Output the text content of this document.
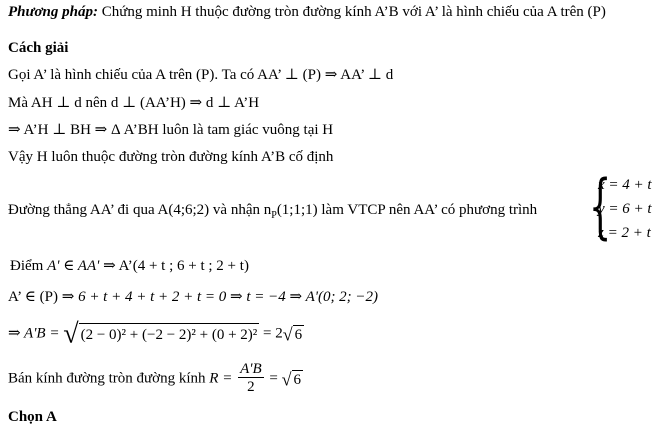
Phương pháp: Chứng minh H thuộc đường tròn đường kính A’B với A’ là hình chiếu của A trên (P)
Cách giải
Gọi A’ là hình chiếu của A trên (P). Ta có AA’ ⊥ (P) ⇒ AA’ ⊥ d
Mà AH ⊥ d nên d ⊥ (AA’H) ⇒ d ⊥ A’H
⇒ A’H ⊥ BH ⇒ Δ A’BH luôn là tam giác vuông tại H
Vậy H luôn thuộc đường tròn đường kính A’B cố định
Đường thẳng AA’ đi qua A(4;6;2) và nhận $n_P(1;1;1)$ làm VTCP nên AA’ có phương trình {
x = 4 + t
y = 6 + t
z = 2 + t
Điểm A' ∈ AA' ⇒ A’(4 + t ; 6 + t ; 2 + t)
A’ ∈ (P) ⇒ 6 + t + 4 + t + 2 + t = 0 ⇒ t = −4 ⇒ A'(0; 2; −2)
⇒ A'B = √ (2 − 0)² + (−2 − 2)² + (0 + 2)² = 2√ 6
Bán kính đường tròn đường kính $R = \frac{A'B}{2}$ = √ 6
Chọn A
